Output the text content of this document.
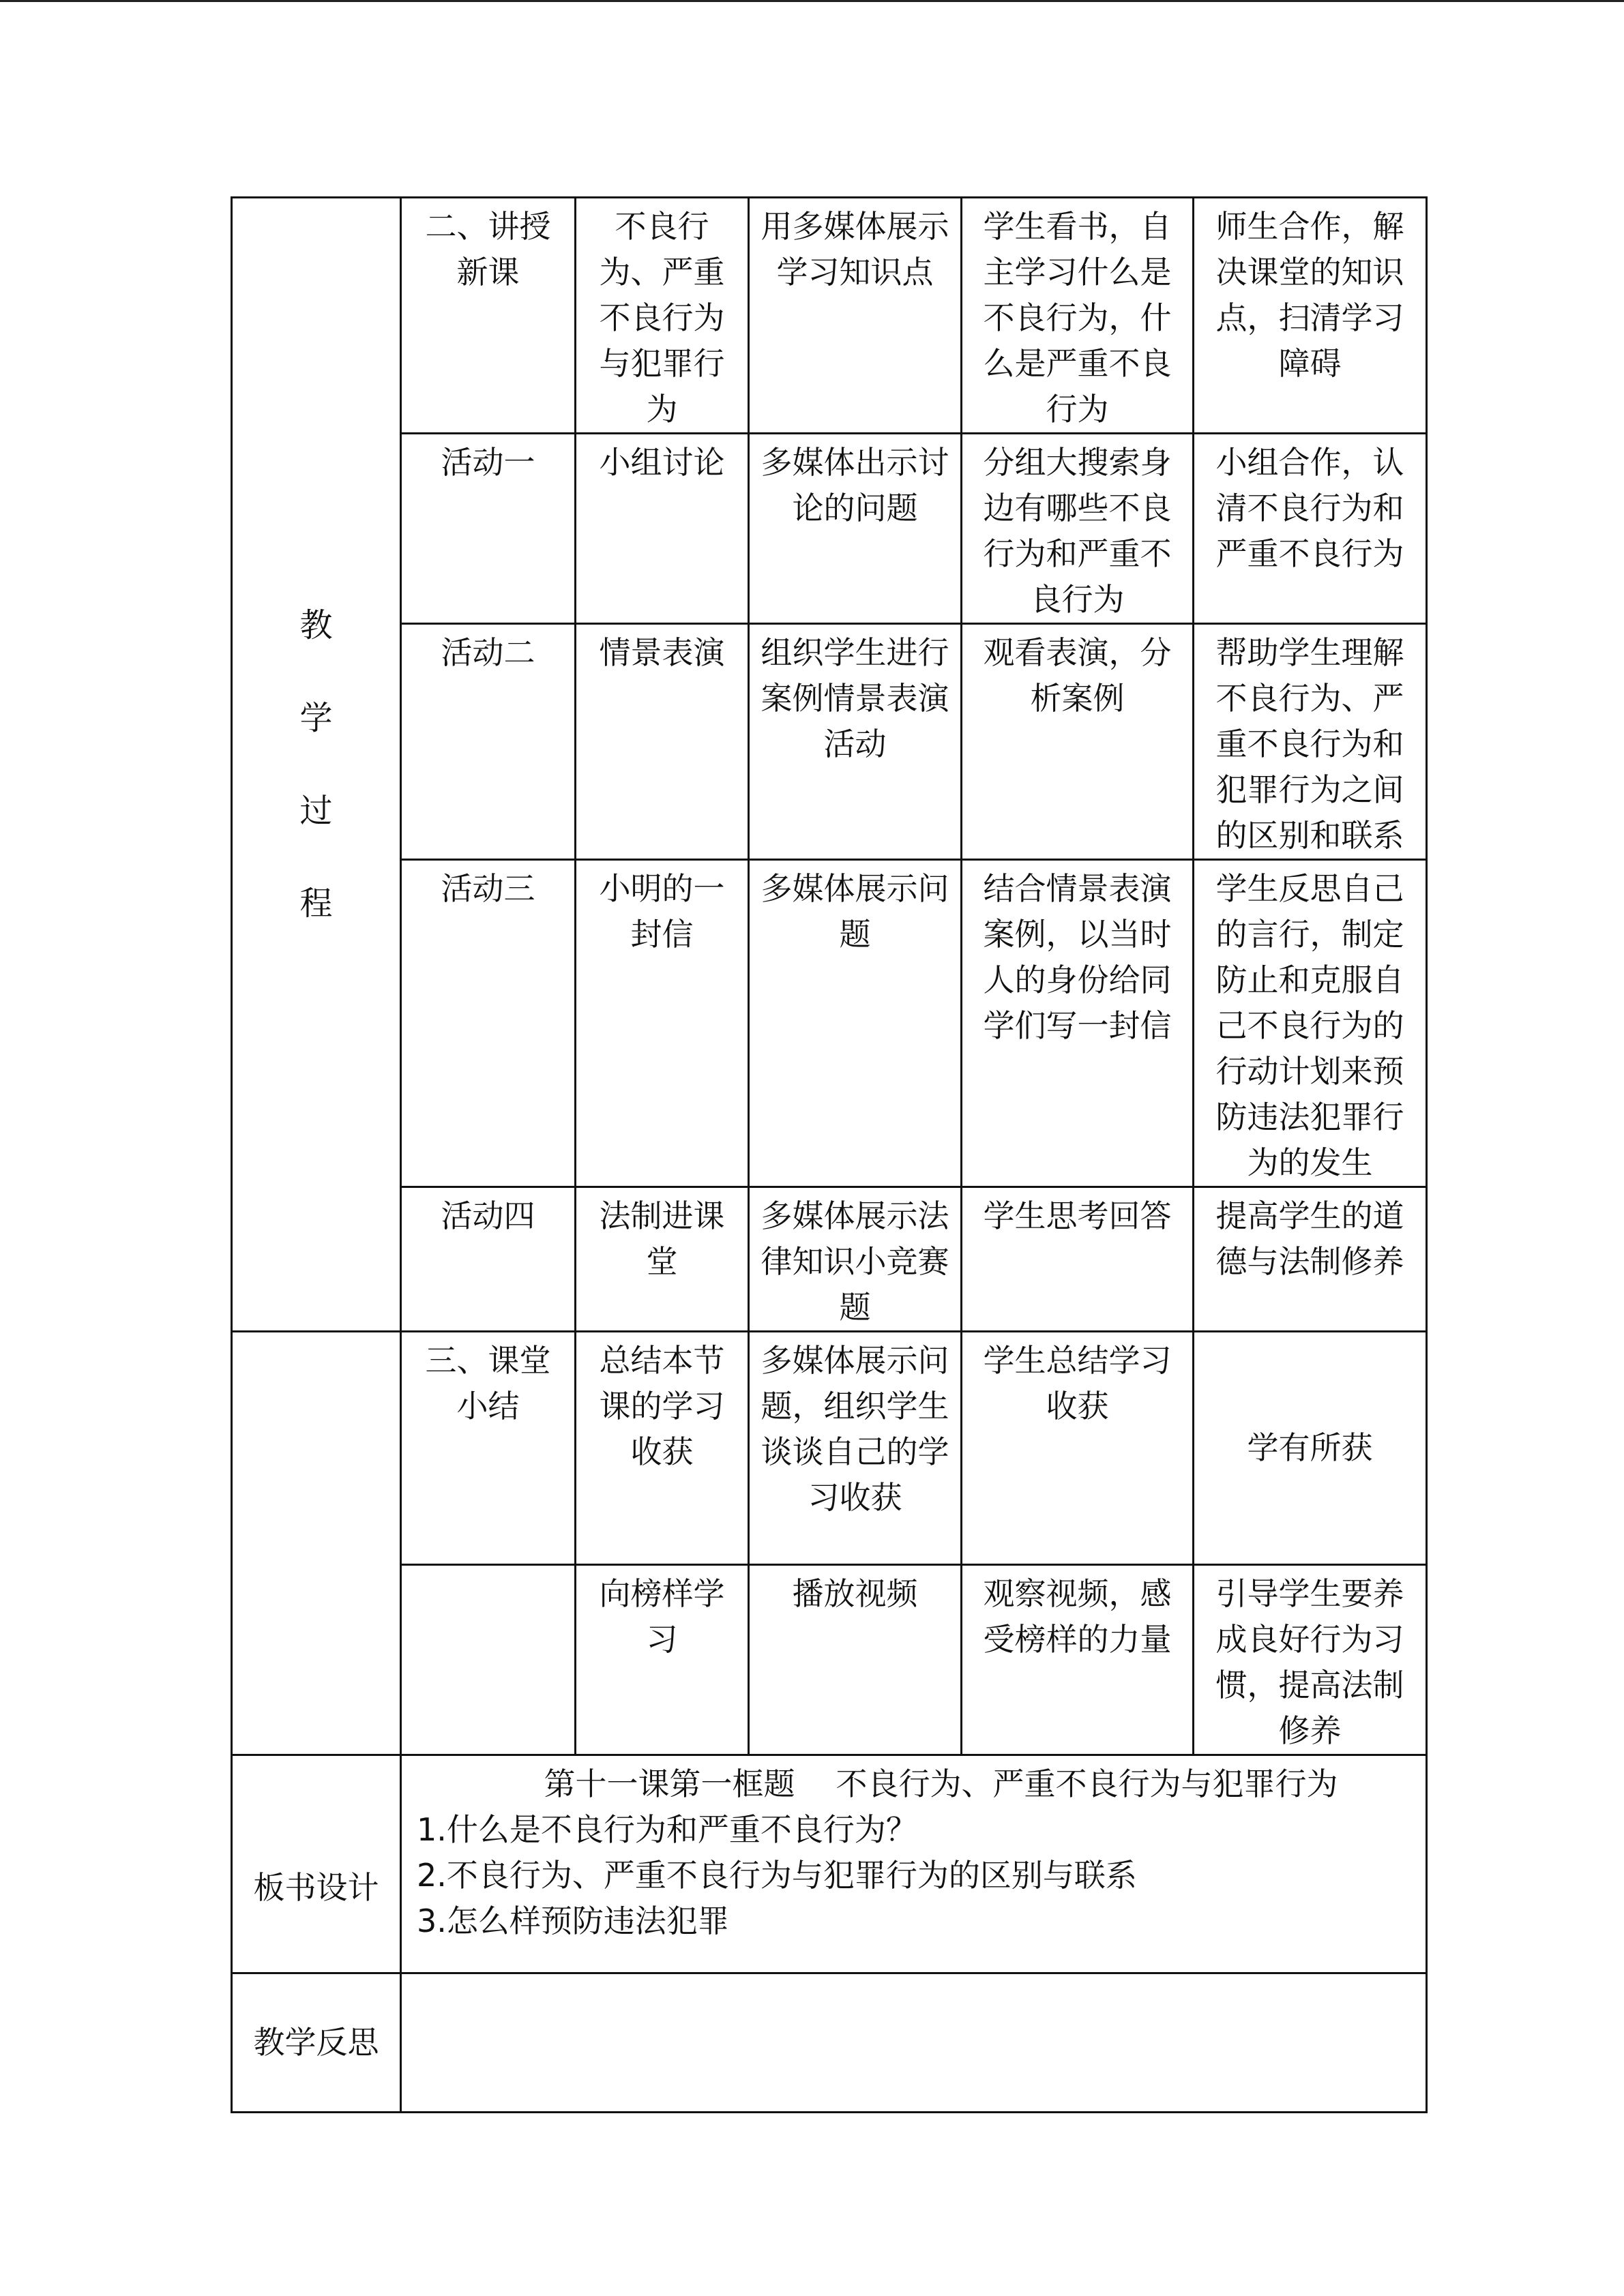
教
学
过
程	二、讲授新课	不良行为、严重不良行为与犯罪行为	用多媒体展示学习知识点	学生看书，自主学习什么是不良行为，什么是严重不良行为	师生合作，解决课堂的知识点，扫清学习障碍
	活动一	小组讨论	多媒体出示讨论的问题	分组大搜索身边有哪些不良行为和严重不良行为	小组合作，认清不良行为和严重不良行为
	活动二	情景表演	组织学生进行案例情景表演活动	观看表演，分析案例	帮助学生理解不良行为、严重不良行为和犯罪行为之间的区别和联系
	活动三	小明的一封信	多媒体展示问题	结合情景表演案例，以当时人的身份给同学们写一封信	学生反思自己的言行，制定防止和克服自己不良行为的行动计划来预防违法犯罪行为的发生
	活动四	法制进课堂	多媒体展示法律知识小竞赛题	学生思考回答	提高学生的道德与法制修养
	三、课堂小结	总结本节课的学习收获	多媒体展示问题，组织学生谈谈自己的学习收获	学生总结学习收获	学有所获
		向榜样学习	播放视频	观察视频，感受榜样的力量	引导学生要养成良好行为习惯，提高法制修养
板书设计	第十一课第一框题 不良行为、严重不良行为与犯罪行为
1.什么是不良行为和严重不良行为？
2.不良行为、严重不良行为与犯罪行为的区别与联系
3.怎么样预防违法犯罪				

教学反思					
